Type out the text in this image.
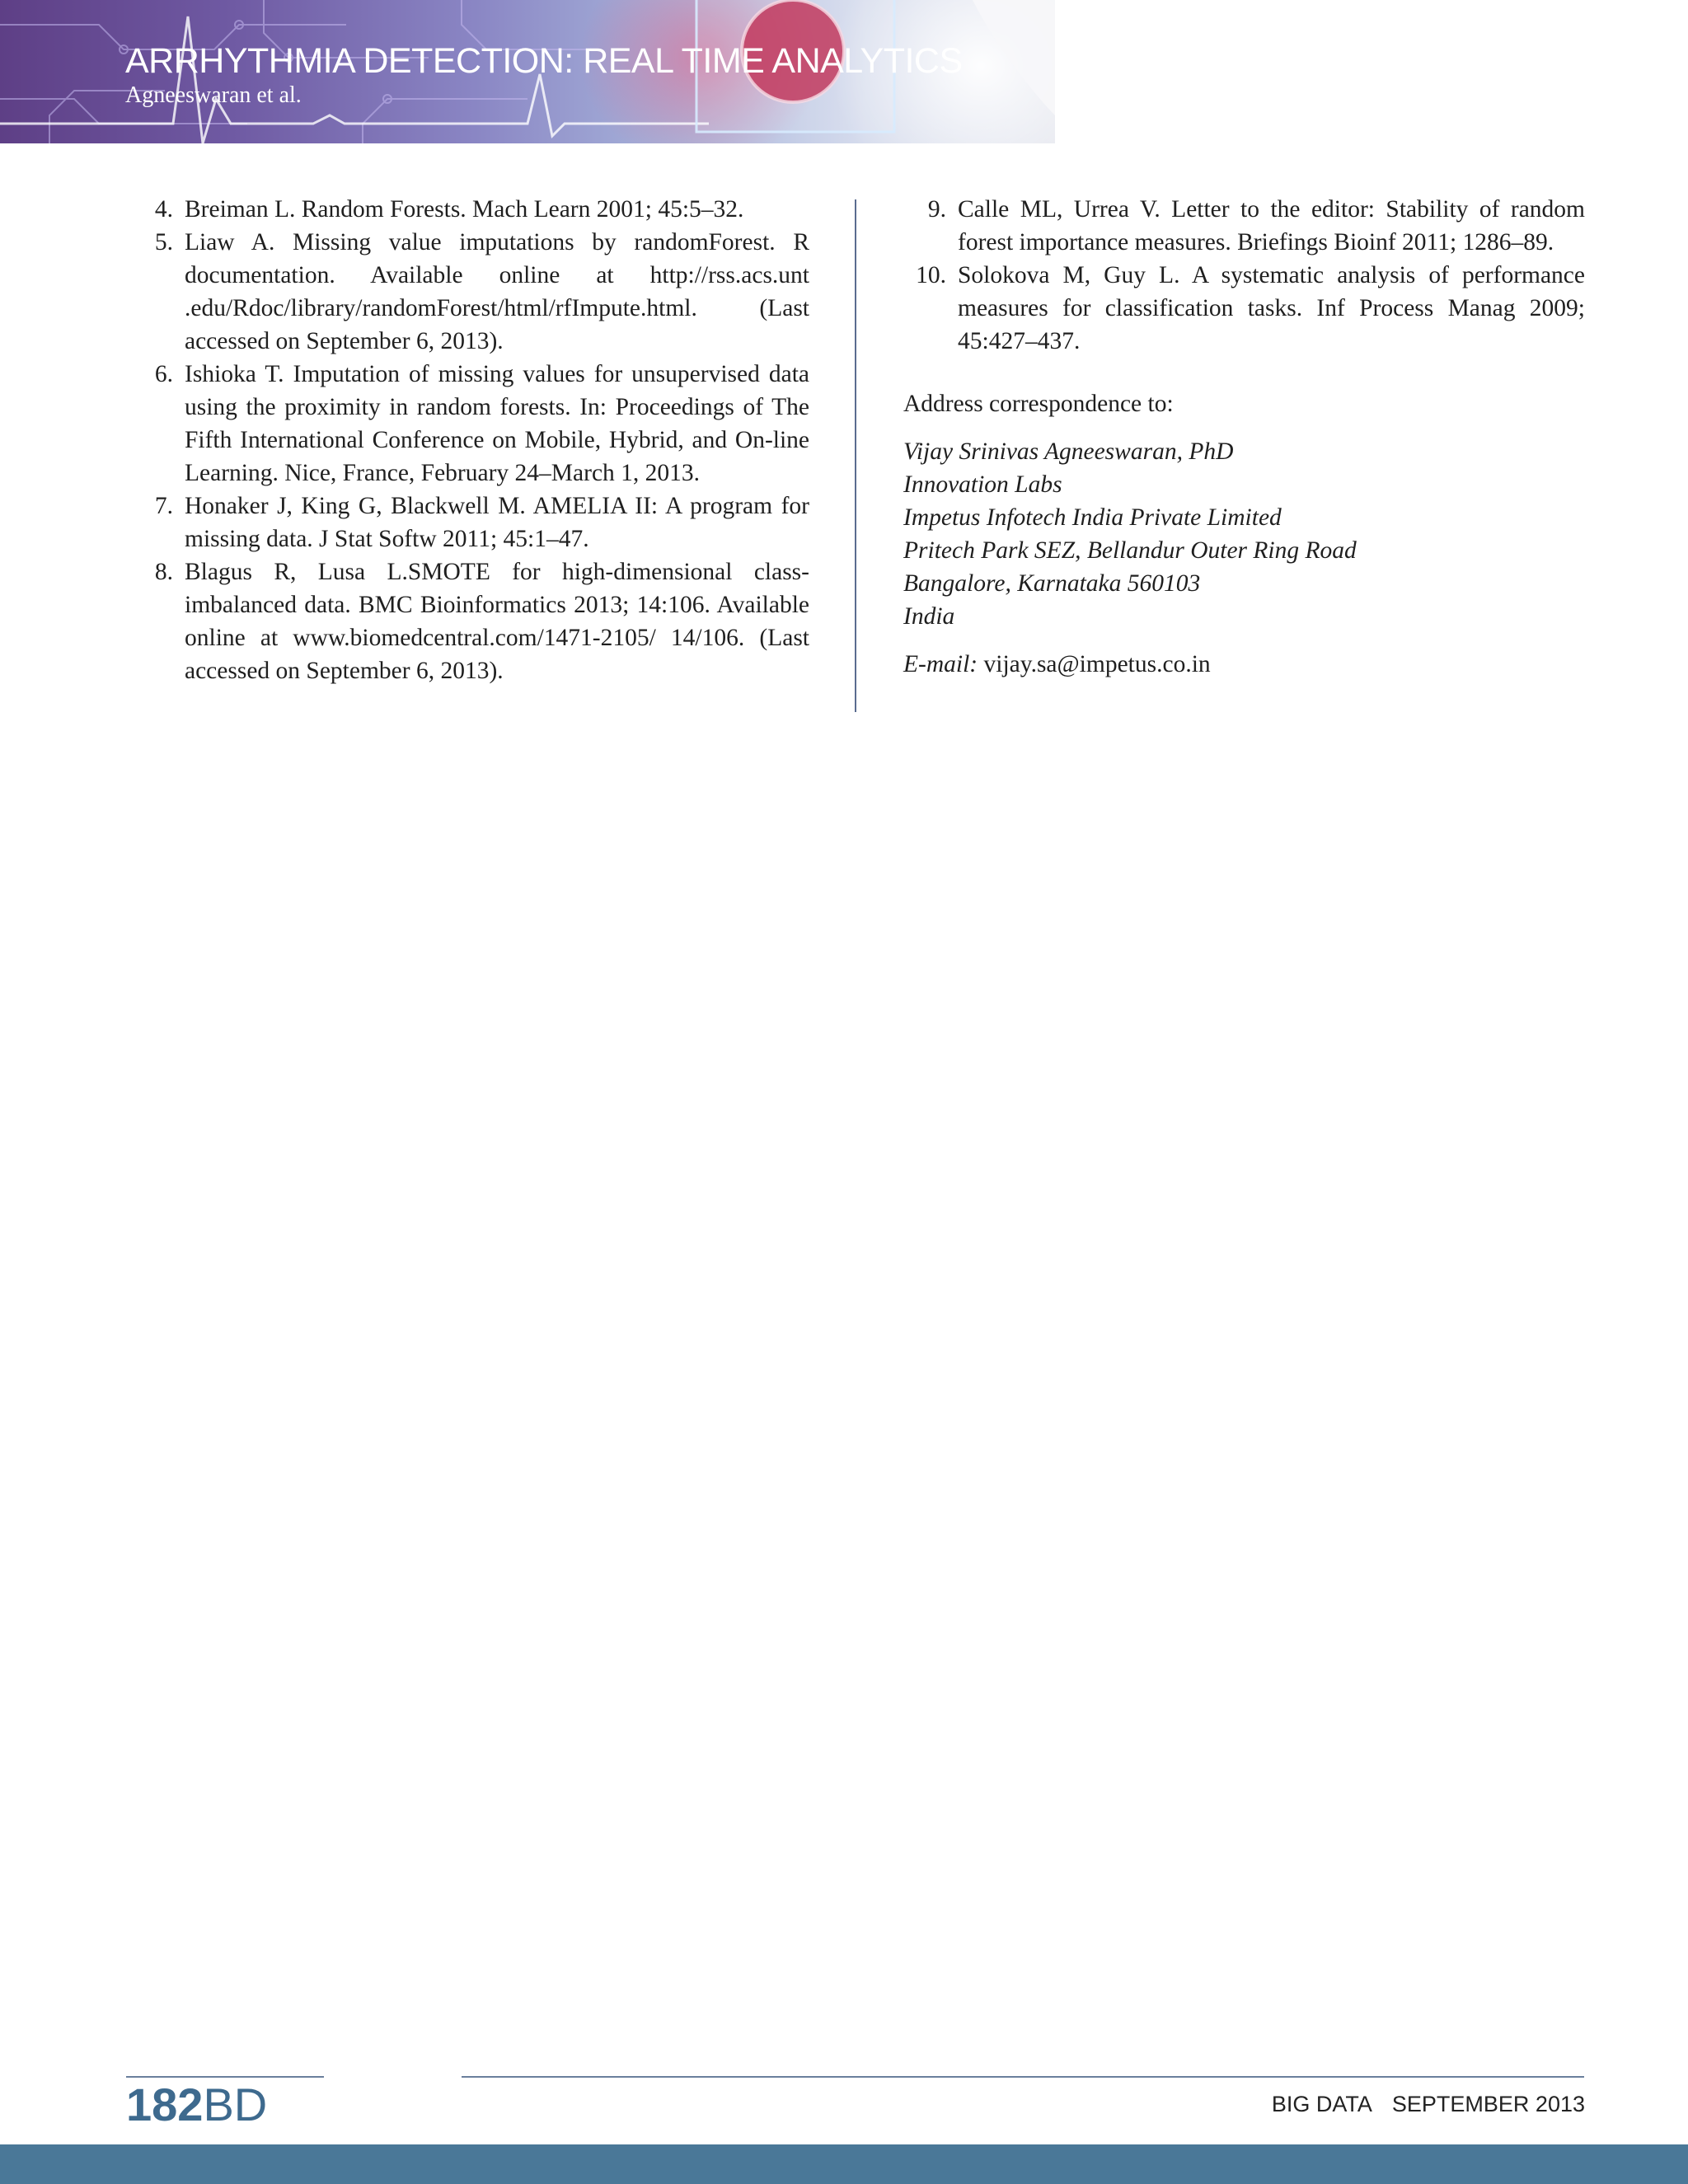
ARRHYTHMIA DETECTION: REAL TIME ANALYTICS
Agneeswaran et al.
4. Breiman L. Random Forests. Mach Learn 2001; 45:5–32.
5. Liaw A. Missing value imputations by randomForest. R documentation. Available online at http://rss.acs.unt .edu/Rdoc/library/randomForest/html/rfImpute.html. (Last accessed on September 6, 2013).
6. Ishioka T. Imputation of missing values for unsupervised data using the proximity in random forests. In: Proceedings of The Fifth International Conference on Mobile, Hybrid, and On-line Learning. Nice, France, February 24–March 1, 2013.
7. Honaker J, King G, Blackwell M. AMELIA II: A program for missing data. J Stat Softw 2011; 45:1–47.
8. Blagus R, Lusa L.SMOTE for high-dimensional class-imbalanced data. BMC Bioinformatics 2013; 14:106. Available online at www.biomedcentral.com/1471-2105/ 14/106. (Last accessed on September 6, 2013).
9. Calle ML, Urrea V. Letter to the editor: Stability of random forest importance measures. Briefings Bioinf 2011; 1286–89.
10. Solokova M, Guy L. A systematic analysis of performance measures for classification tasks. Inf Process Manag 2009; 45:427–437.
Address correspondence to:
Vijay Srinivas Agneeswaran, PhD
Innovation Labs
Impetus Infotech India Private Limited
Pritech Park SEZ, Bellandur Outer Ring Road
Bangalore, Karnataka 560103
India
E-mail: vijay.sa@impetus.co.in
182BD	BIG DATA SEPTEMBER 2013
